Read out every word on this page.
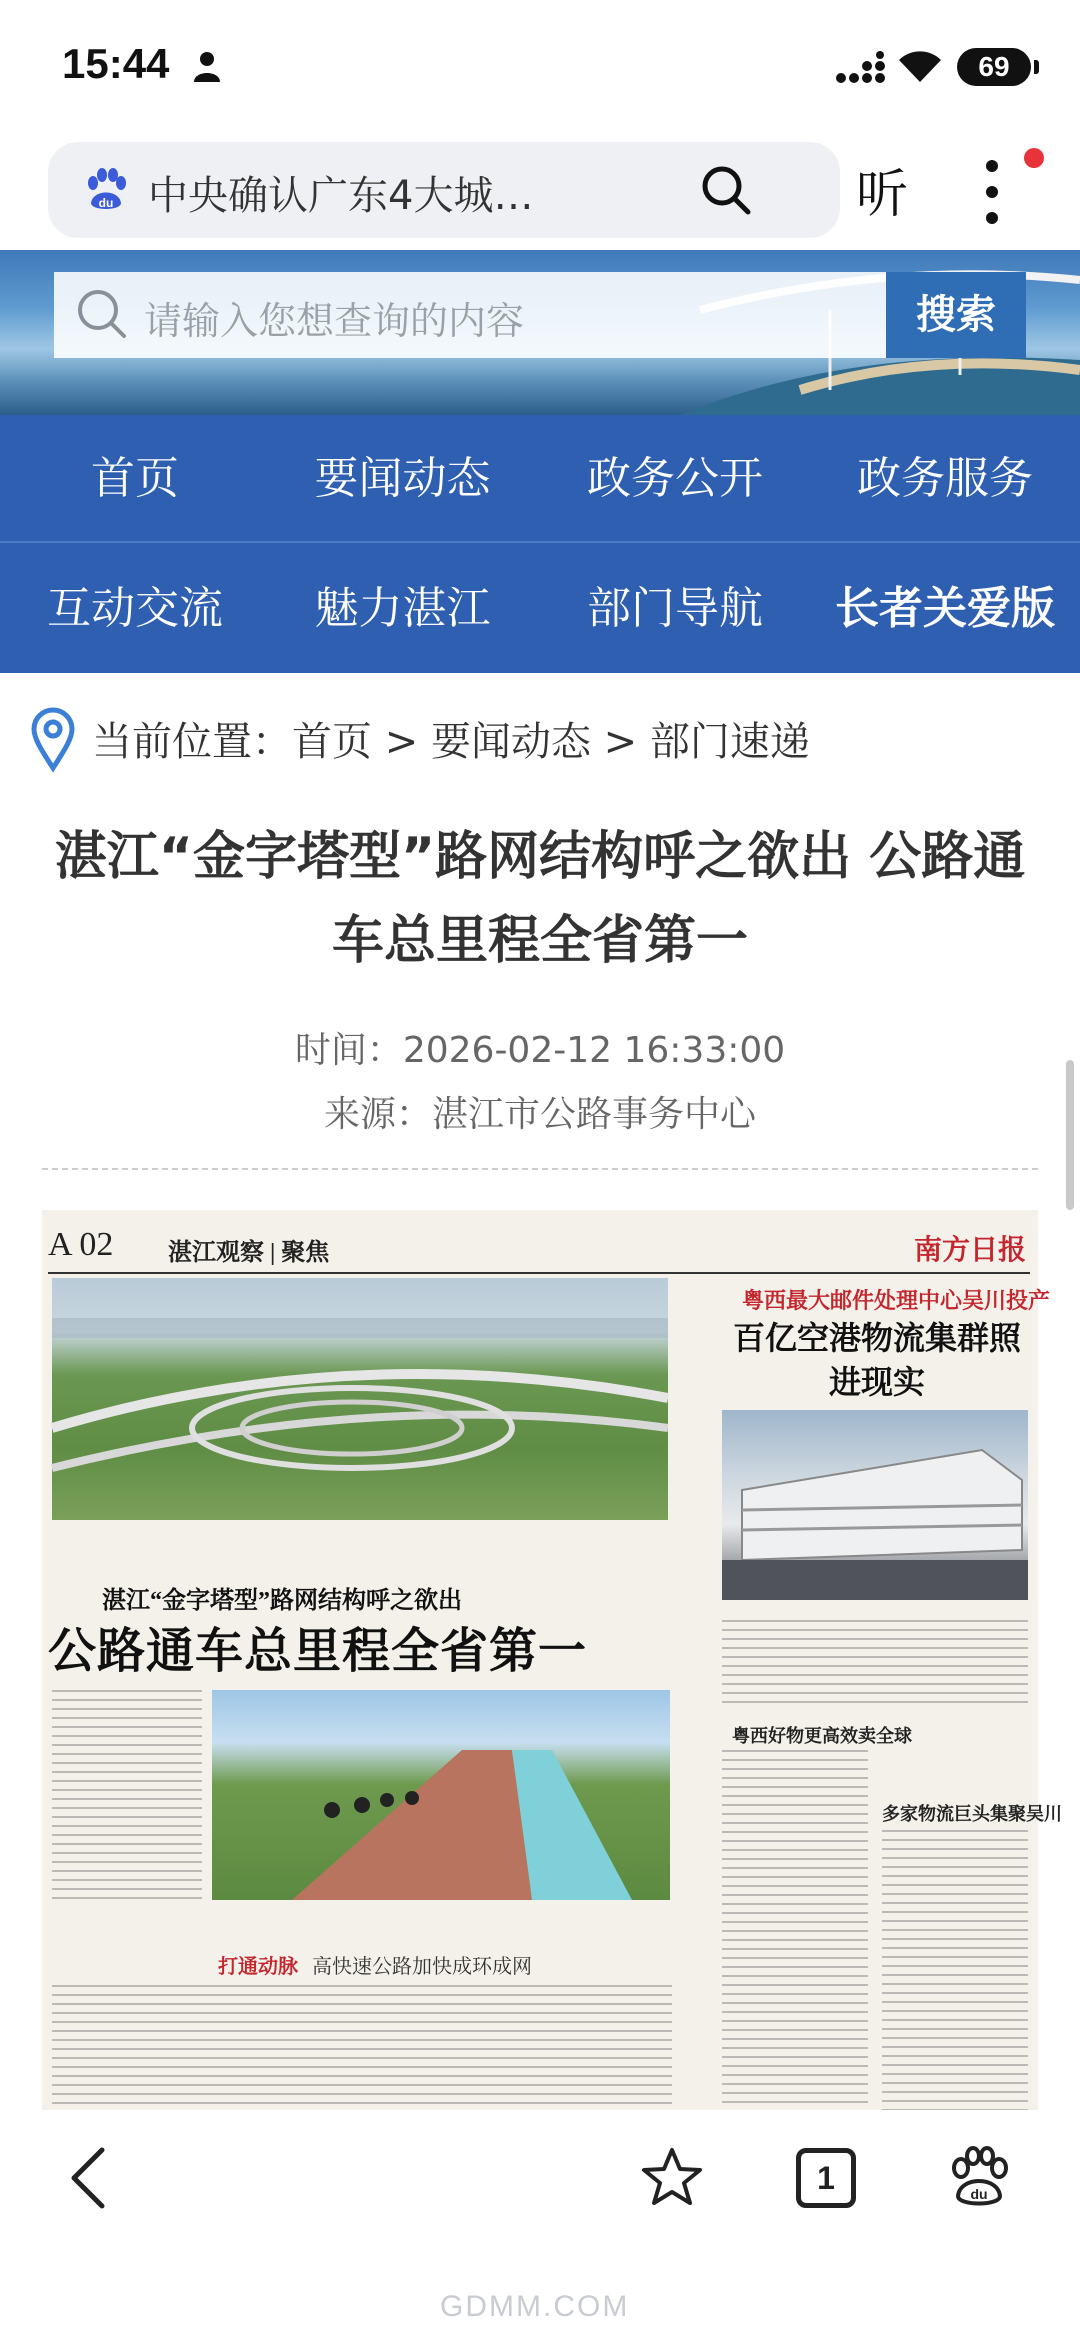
15:44	69
du 中央确认广东4大城…	听
请输入您想查询的内容	搜索
首页	要闻动态	政务公开	政务服务
互动交流	魅力湛江	部门导航	长者关爱版
当前位置：首页 > 要闻动态 > 部门速递
湛江“金字塔型”路网结构呼之欲出 公路通车总里程全省第一
时间：2026-02-12 16:33:00
来源：湛江市公路事务中心
A 02 湛江观察 | 聚焦	南方日报
湛江“金字塔型”路网结构呼之欲出
公路通车总里程全省第一
打通动脉 高快速公路加快成环成网
粤西最大邮件处理中心吴川投产
百亿空港物流集群照进现实
粤西好物更高效卖全球
多家物流巨头集聚吴川
1	du
GDMM.COM
